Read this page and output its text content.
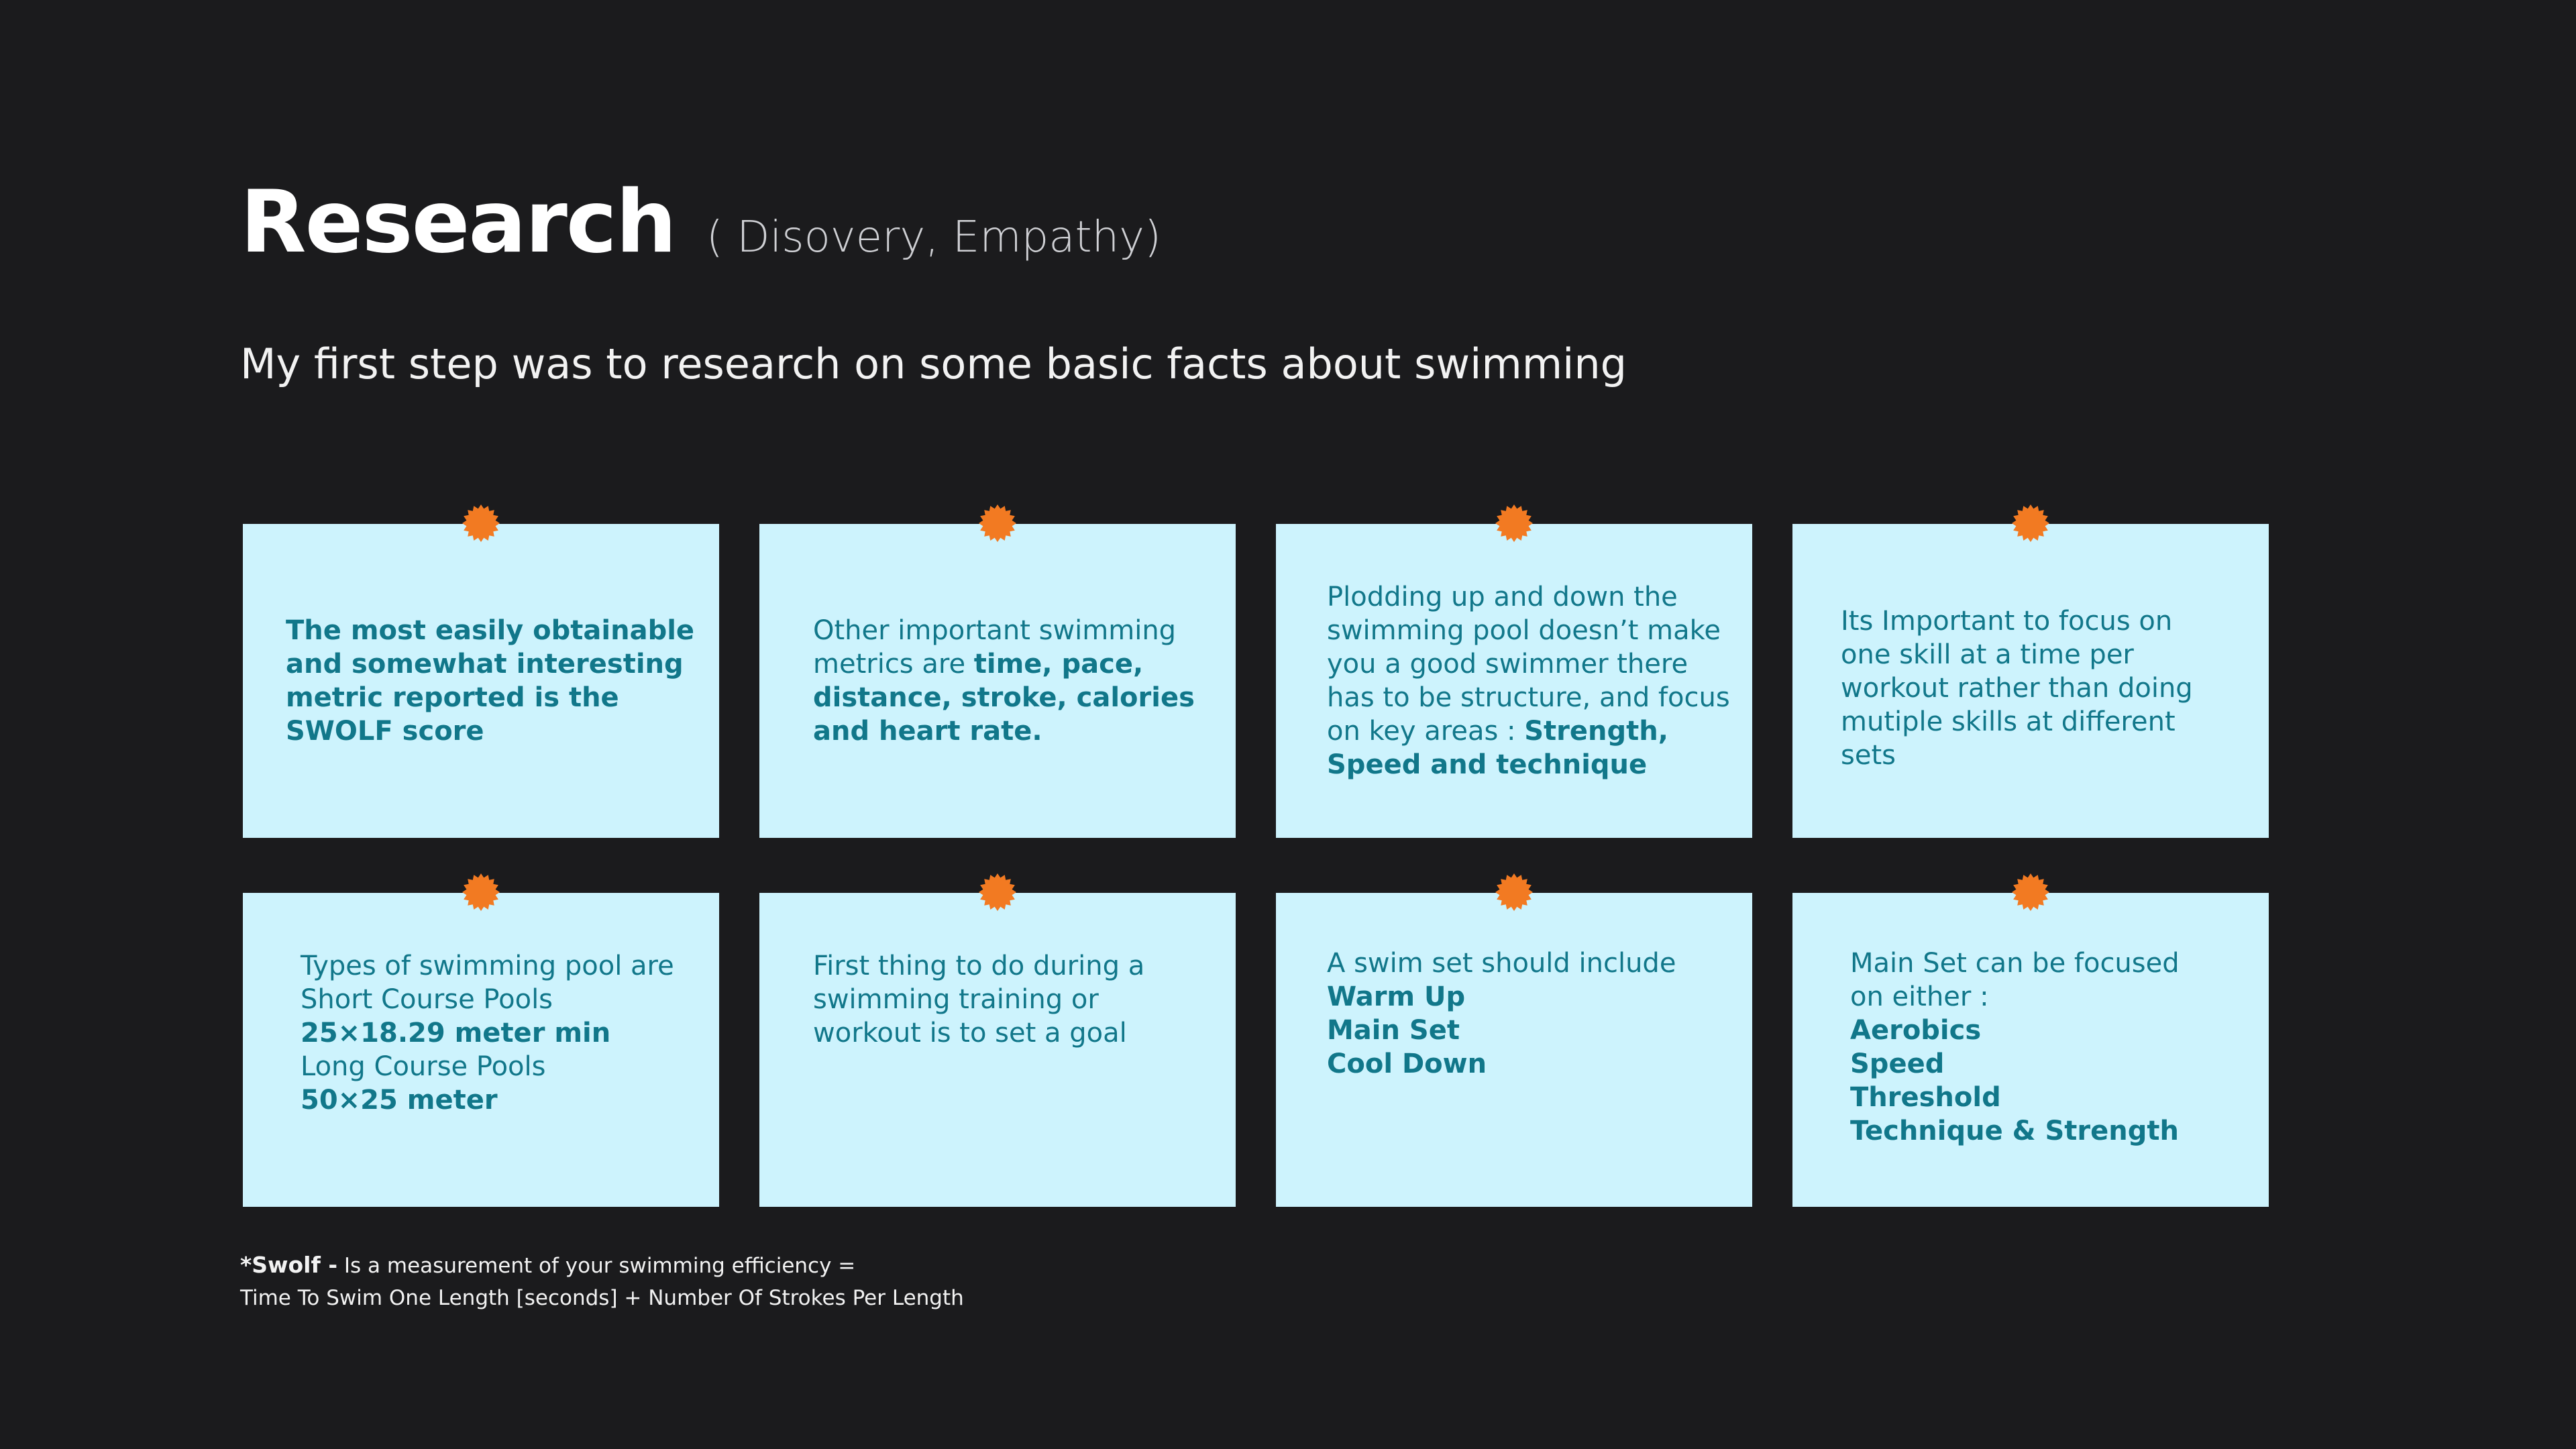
Research ( Disovery, Empathy)
My first step was to research on some basic facts about swimming
The most easily obtainable
and somewhat interesting
metric reported is the
SWOLF score
Other important swimming
metrics are time, pace,
distance, stroke, calories
and heart rate.
Plodding up and down the
swimming pool doesn’t make
you a good swimmer there
has to be structure, and focus
on key areas : Strength,
Speed and technique
Its Important to focus on
one skill at a time per
workout rather than doing
mutiple skills at different
sets
Types of swimming pool are
Short Course Pools
25×18.29 meter min
Long Course Pools
50×25 meter
First thing to do during a
swimming training or
workout is to set a goal
A swim set should include
Warm Up
Main Set
Cool Down
Main Set can be focused
on either :
Aerobics
Speed
Threshold
Technique & Strength
*Swolf - Is a measurement of your swimming efficiency =
Time To Swim One Length [seconds] + Number Of Strokes Per Length
